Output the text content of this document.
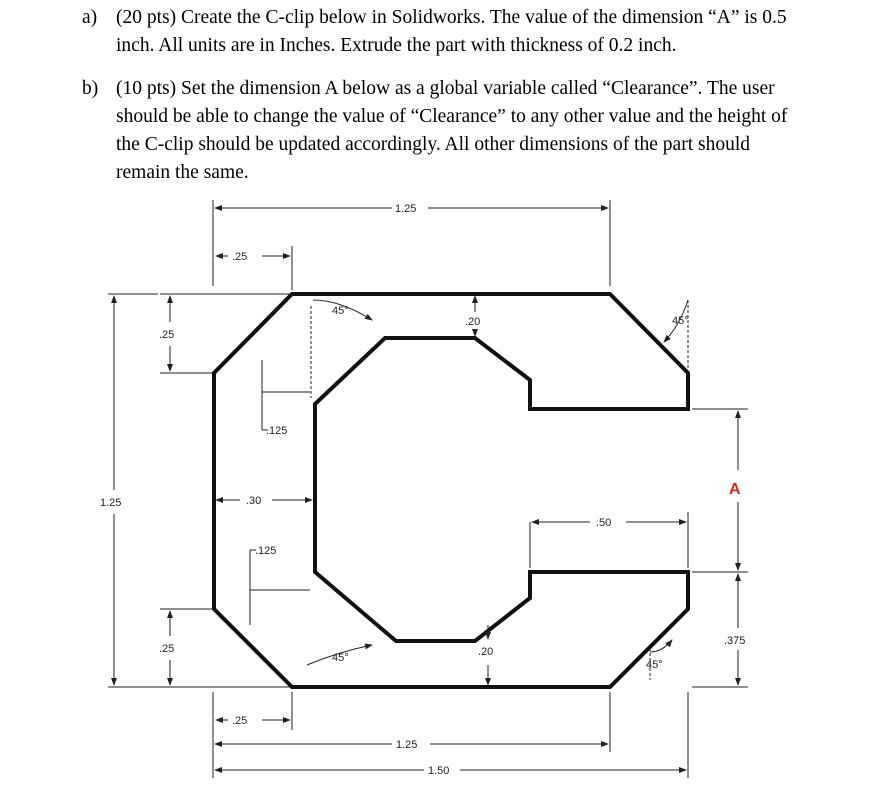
a) (20 pts) Create the C-clip below in Solidworks. The value of the dimension “A” is 0.5
inch. All units are in Inches. Extrude the part with thickness of 0.2 inch.
b) (10 pts) Set the dimension A below as a global variable called “Clearance”. The user
should be able to change the value of “Clearance” to any other value and the height of
the C-clip should be updated accordingly. All other dimensions of the part should
remain the same.
1.25
.25
.25
1.25
.20
45°
45°
.125
.30
.125
.50
A
.375
.25	.20
45°
45°
.25
1.25
1.50
